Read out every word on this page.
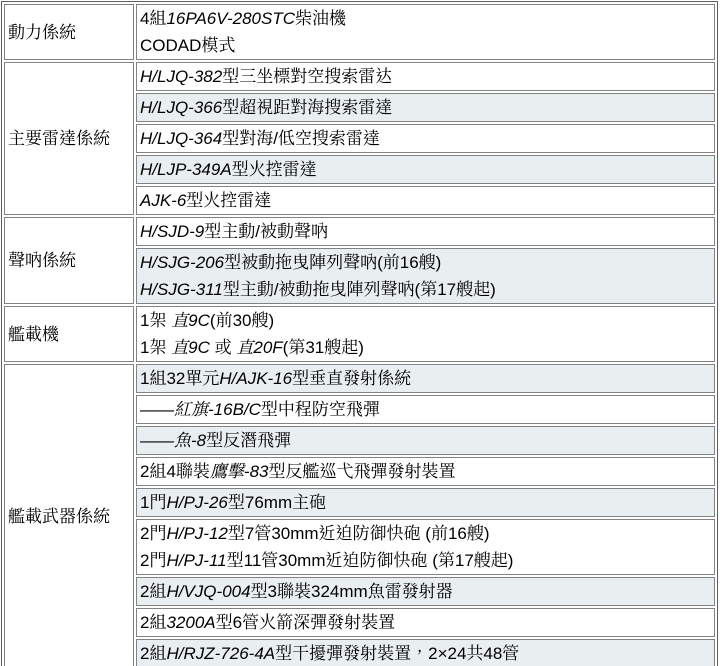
動力係統	4組16PA6V-280STC柴油機
CODAD模式

主要雷達係統	H/LJQ-382型三坐標對空搜索雷达

	H/LJQ-366型超視距對海搜索雷達

	H/LJQ-364型對海/低空搜索雷達

	H/LJP-349A型火控雷達

	AJK-6型火控雷達

聲吶係統	H/SJD-9型主動/被動聲吶

	H/SJG-206型被動拖曳陣列聲吶(前16艘)
H/SJG-311型主動/被動拖曳陣列聲吶(第17艘起)

艦載機	1架 直9C(前30艘)
1架 直9C 或 直20F(第31艘起)

艦載武器係統	1組32單元H/AJK-16型垂直發射係統

	——紅旗-16B/C型中程防空飛彈

	——魚-8型反潛飛彈

	2組4聯裝鷹擊-83型反艦巡弋飛彈發射裝置

	1門H/PJ-26型76mm主砲

	2門H/PJ-12型7管30mm近迫防御快砲 (前16艘)
2門H/PJ-11型11管30mm近迫防御快砲 (第17艘起)

	2組H/VJQ-004型3聯裝324mm魚雷發射器

	2組3200A型6管火箭深彈發射裝置

	2組H/RJZ-726-4A型干擾彈發射裝置，2×24共48管
